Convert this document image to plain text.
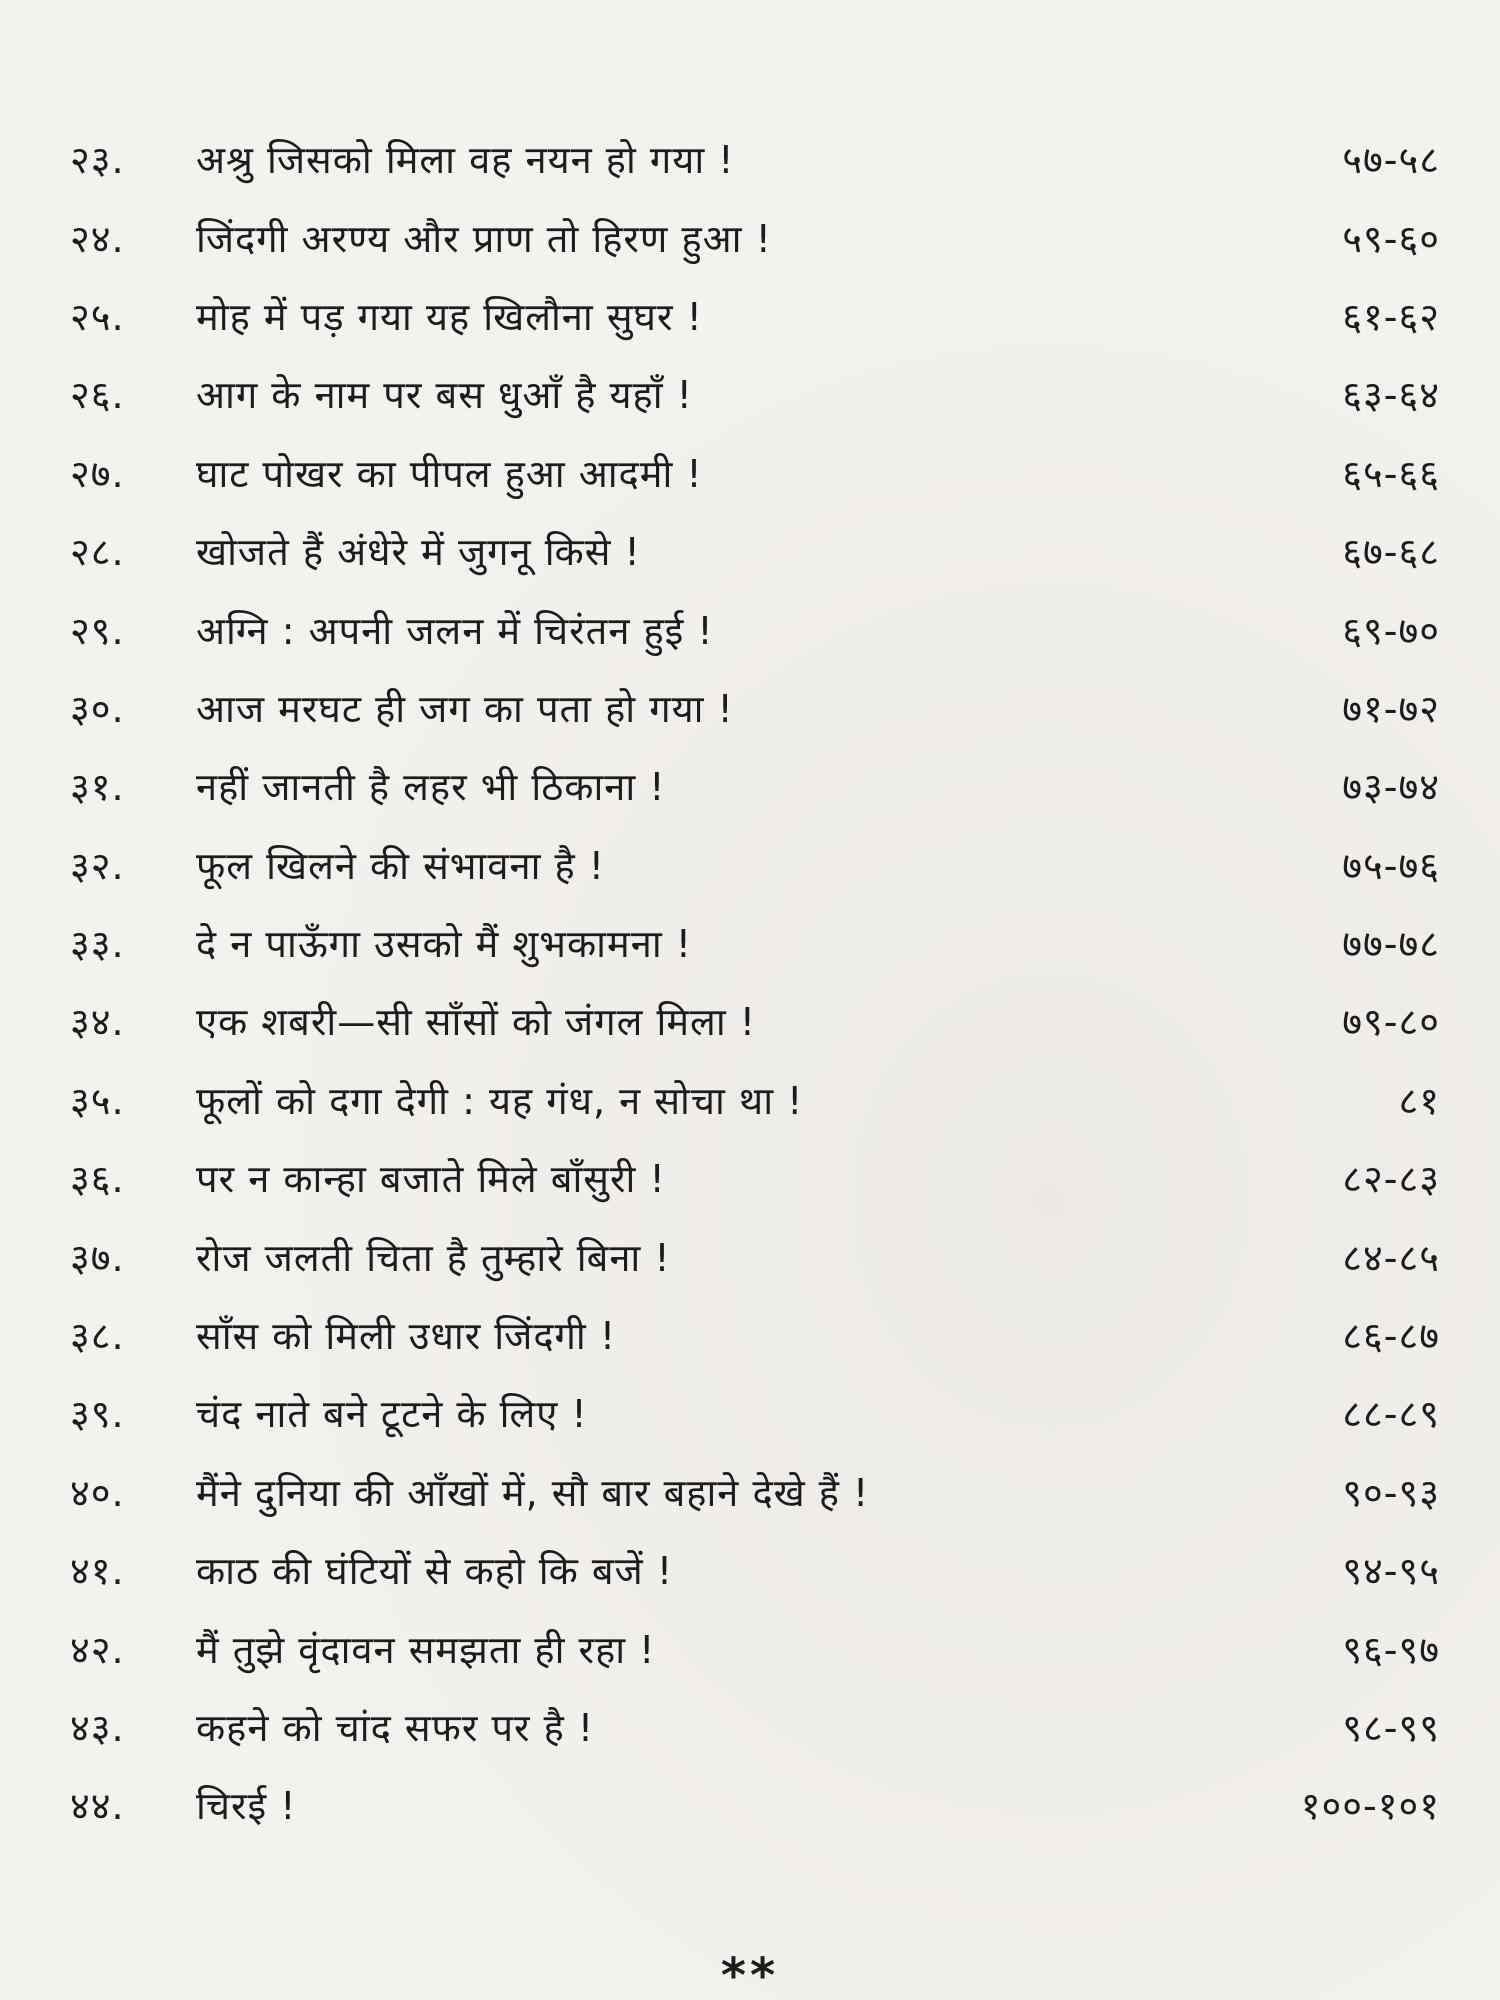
२३.	अश्रु जिसको मिला वह नयन हो गया !	५७-५८
२४.	जिंदगी अरण्य और प्राण तो हिरण हुआ !	५९-६०
२५.	मोह में पड़ गया यह खिलौना सुघर !	६१-६२
२६.	आग के नाम पर बस धुआँ है यहाँ !	६३-६४
२७.	घाट पोखर का पीपल हुआ आदमी !	६५-६६
२८.	खोजते हैं अंधेरे में जुगनू किसे !	६७-६८
२९.	अग्नि : अपनी जलन में चिरंतन हुई !	६९-७०
३०.	आज मरघट ही जग का पता हो गया !	७१-७२
३१.	नहीं जानती है लहर भी ठिकाना !	७३-७४
३२.	फूल खिलने की संभावना है !	७५-७६
३३.	दे न पाऊँगा उसको मैं शुभकामना !	७७-७८
३४.	एक शबरी—सी साँसों को जंगल मिला !	७९-८०
३५.	फूलों को दगा देगी : यह गंध, न सोचा था !	८१
३६.	पर न कान्हा बजाते मिले बाँसुरी !	८२-८३
३७.	रोज जलती चिता है तुम्हारे बिना !	८४-८५
३८.	साँस को मिली उधार जिंदगी !	८६-८७
३९.	चंद नाते बने टूटने के लिए !	८८-८९
४०.	मैंने दुनिया की आँखों में, सौ बार बहाने देखे हैं !	९०-९३
४१.	काठ की घंटियों से कहो कि बजें !	९४-९५
४२.	मैं तुझे वृंदावन समझता ही रहा !	९६-९७
४३.	कहने को चांद सफर पर है !	९८-९९
४४.	चिरई !	१००-१०१
**
